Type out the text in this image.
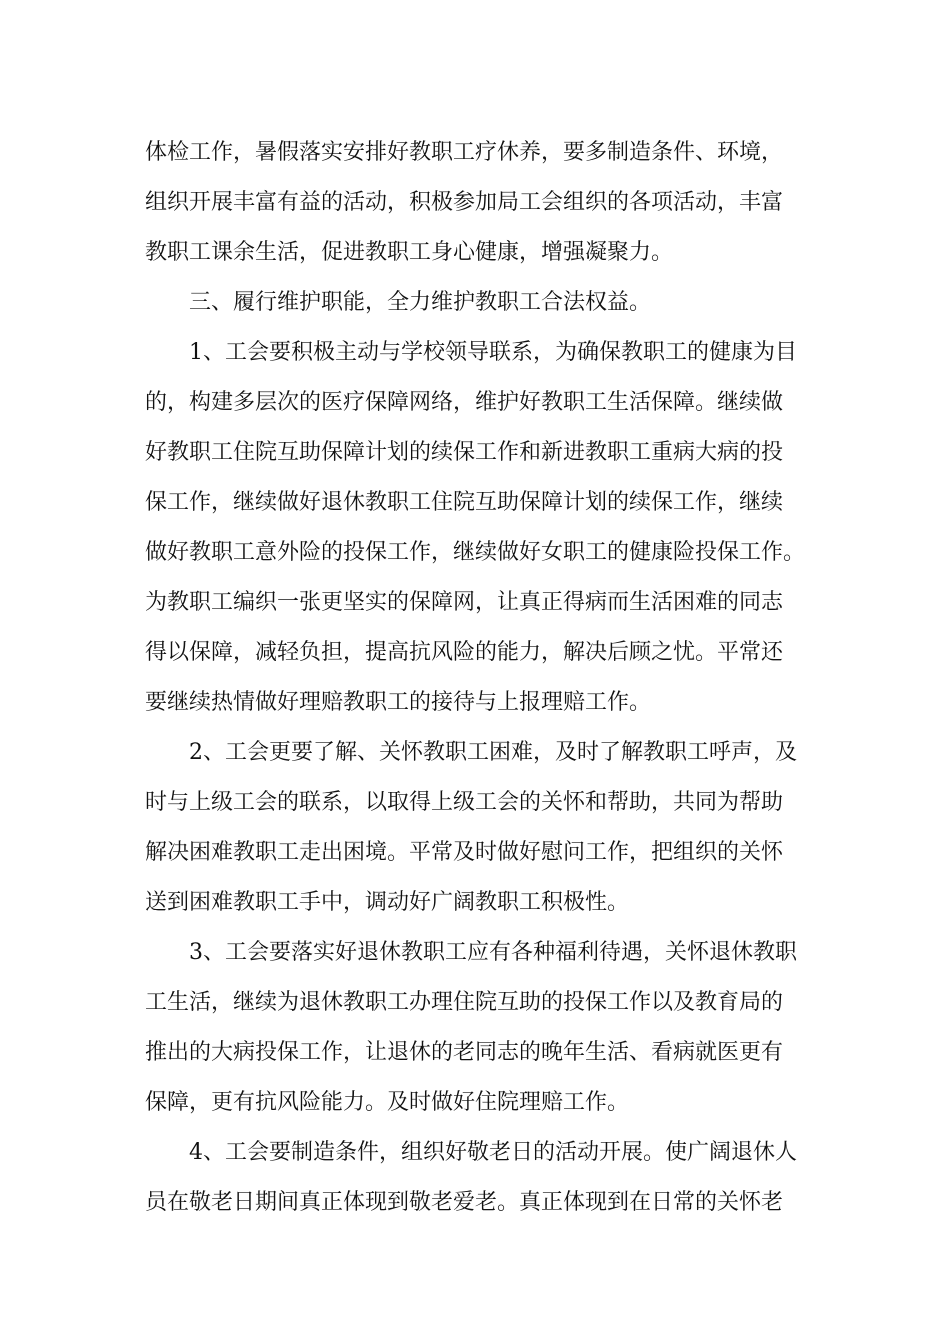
体检工作，暑假落实安排好教职工疗休养，要多制造条件、环境，
组织开展丰富有益的活动，积极参加局工会组织的各项活动，丰富
教职工课余生活，促进教职工身心健康，增强凝聚力。
三、履行维护职能，全力维护教职工合法权益。
1、工会要积极主动与学校领导联系，为确保教职工的健康为目
的，构建多层次的医疗保障网络，维护好教职工生活保障。继续做
好教职工住院互助保障计划的续保工作和新进教职工重病大病的投
保工作，继续做好退休教职工住院互助保障计划的续保工作，继续
做好教职工意外险的投保工作，继续做好女职工的健康险投保工作。
为教职工编织一张更坚实的保障网，让真正得病而生活困难的同志
得以保障，减轻负担，提高抗风险的能力，解决后顾之忧。平常还
要继续热情做好理赔教职工的接待与上报理赔工作。
2、工会更要了解、关怀教职工困难，及时了解教职工呼声，及
时与上级工会的联系，以取得上级工会的关怀和帮助，共同为帮助
解决困难教职工走出困境。平常及时做好慰问工作，把组织的关怀
送到困难教职工手中，调动好广阔教职工积极性。
3、工会要落实好退休教职工应有各种福利待遇，关怀退休教职
工生活，继续为退休教职工办理住院互助的投保工作以及教育局的
推出的大病投保工作，让退休的老同志的晚年生活、看病就医更有
保障，更有抗风险能力。及时做好住院理赔工作。
4、工会要制造条件，组织好敬老日的活动开展。使广阔退休人
员在敬老日期间真正体现到敬老爱老。真正体现到在日常的关怀老
